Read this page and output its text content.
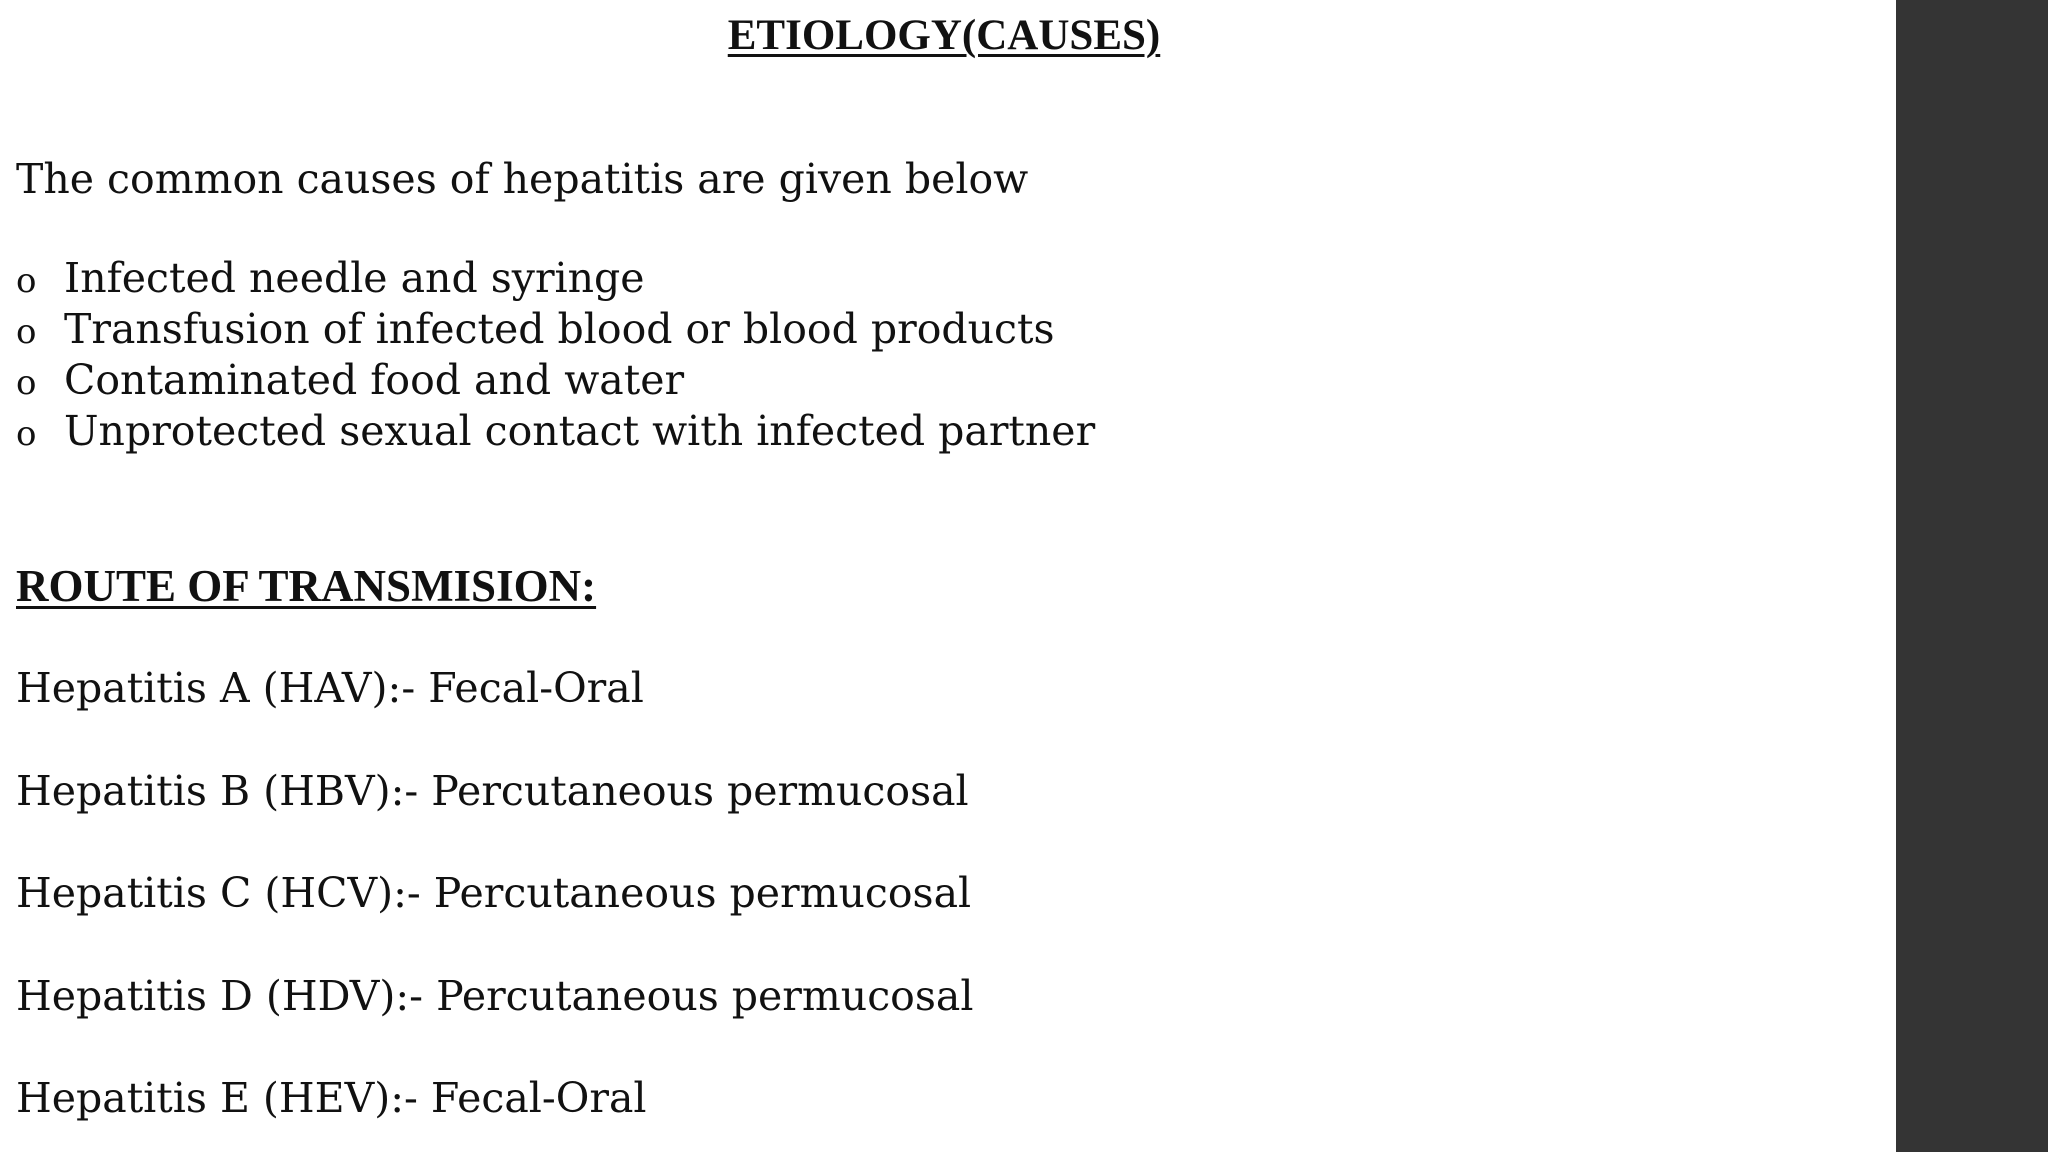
ETIOLOGY(CAUSES)

The common causes of hepatitis are given below

o Infected needle and syringe
o Transfusion of infected blood or blood products
o Contaminated food and water
o Unprotected sexual contact with infected partner
ROUTE OF TRANSMISION:
Hepatitis A (HAV):- Fecal-Oral
Hepatitis B (HBV):- Percutaneous permucosal
Hepatitis C (HCV):- Percutaneous permucosal
Hepatitis D (HDV):- Percutaneous permucosal
Hepatitis E (HEV):- Fecal-Oral
